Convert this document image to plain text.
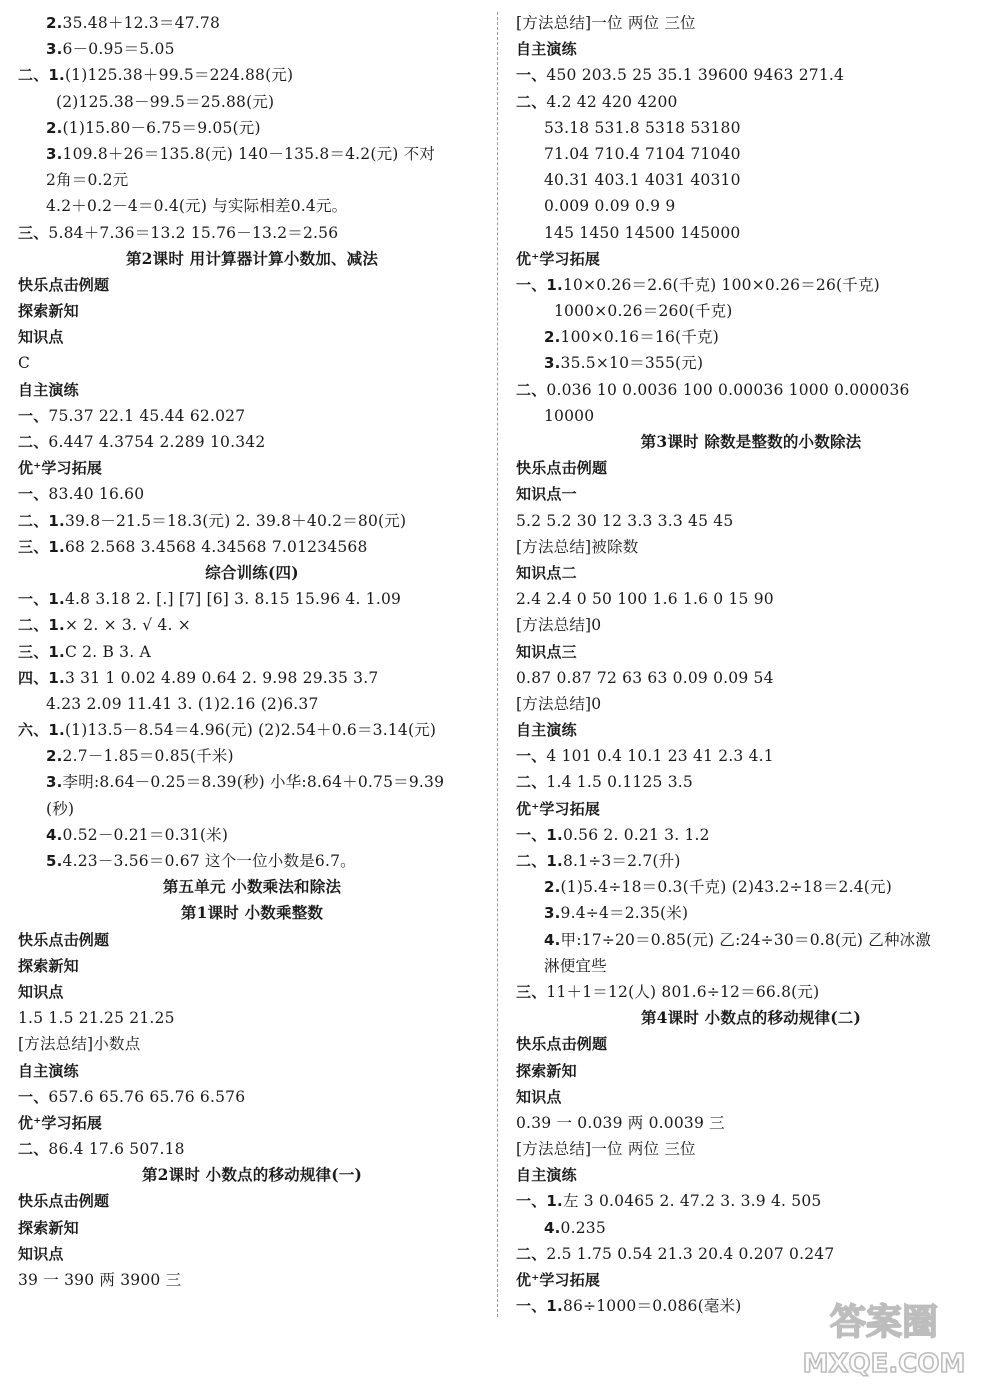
2.35.48＋12.3＝47.78
3.6－0.95＝5.05
二、1.(1)125.38＋99.5＝224.88(元)
(2)125.38－99.5＝25.88(元)
2.(1)15.80－6.75＝9.05(元)
3.109.8＋26＝135.8(元) 140－135.8＝4.2(元) 不对
2角＝0.2元
4.2＋0.2－4＝0.4(元) 与实际相差0.4元。
三、5.84＋7.36＝13.2 15.76－13.2＝2.56
第2课时 用计算器计算小数加、减法
快乐点击例题
探索新知
知识点
C
自主演练
一、75.37 22.1 45.44 62.027
二、6.447 4.3754 2.289 10.342
优⁺学习拓展
一、83.40 16.60
二、1.39.8－21.5＝18.3(元) 2. 39.8＋40.2＝80(元)
三、1.68 2.568 3.4568 4.34568 7.01234568
综合训练(四)
一、1.4.8 3.18 2. [.] [7] [6] 3. 8.15 15.96 4. 1.09
二、1.× 2. × 3. √ 4. ×
三、1.C 2. B 3. A
四、1.3 31 1 0.02 4.89 0.64 2. 9.98 29.35 3.7
4.23 2.09 11.41 3. (1)2.16 (2)6.37
六、1.(1)13.5－8.54＝4.96(元) (2)2.54＋0.6＝3.14(元)
2.2.7－1.85＝0.85(千米)
3.李明:8.64－0.25＝8.39(秒) 小华:8.64＋0.75＝9.39
(秒)
4.0.52－0.21＝0.31(米)
5.4.23－3.56＝0.67 这个一位小数是6.7。
第五单元 小数乘法和除法
第1课时 小数乘整数
快乐点击例题
探索新知
知识点
1.5 1.5 21.25 21.25
[方法总结]小数点
自主演练
一、657.6 65.76 65.76 6.576
优⁺学习拓展
二、86.4 17.6 507.18
第2课时 小数点的移动规律(一)
快乐点击例题
探索新知
知识点
39 一 390 两 3900 三
[方法总结]一位 两位 三位
自主演练
一、450 203.5 25 35.1 39600 9463 271.4
二、4.2 42 420 4200
53.18 531.8 5318 53180
71.04 710.4 7104 71040
40.31 403.1 4031 40310
0.009 0.09 0.9 9
145 1450 14500 145000
优⁺学习拓展
一、1.10×0.26＝2.6(千克) 100×0.26＝26(千克)
1000×0.26＝260(千克)
2.100×0.16＝16(千克)
3.35.5×10＝355(元)
二、0.036 10 0.0036 100 0.00036 1000 0.000036
10000
第3课时 除数是整数的小数除法
快乐点击例题
知识点一
5.2 5.2 30 12 3.3 3.3 45 45
[方法总结]被除数
知识点二
2.4 2.4 0 50 100 1.6 1.6 0 15 90
[方法总结]0
知识点三
0.87 0.87 72 63 63 0.09 0.09 54
[方法总结]0
自主演练
一、4 101 0.4 10.1 23 41 2.3 4.1
二、1.4 1.5 0.1125 3.5
优⁺学习拓展
一、1.0.56 2. 0.21 3. 1.2
二、1.8.1÷3＝2.7(升)
2.(1)5.4÷18＝0.3(千克) (2)43.2÷18＝2.4(元)
3.9.4÷4＝2.35(米)
4.甲:17÷20＝0.85(元) 乙:24÷30＝0.8(元) 乙种冰激
淋便宜些
三、11＋1＝12(人) 801.6÷12＝66.8(元)
第4课时 小数点的移动规律(二)
快乐点击例题
探索新知
知识点
0.39 一 0.039 两 0.0039 三
[方法总结]一位 两位 三位
自主演练
一、1.左 3 0.0465 2. 47.2 3. 3.9 4. 505
4.0.235
二、2.5 1.75 0.54 21.3 20.4 0.207 0.247
优⁺学习拓展
一、1.86÷1000＝0.086(毫米)	答案圈
MXQE.COM
